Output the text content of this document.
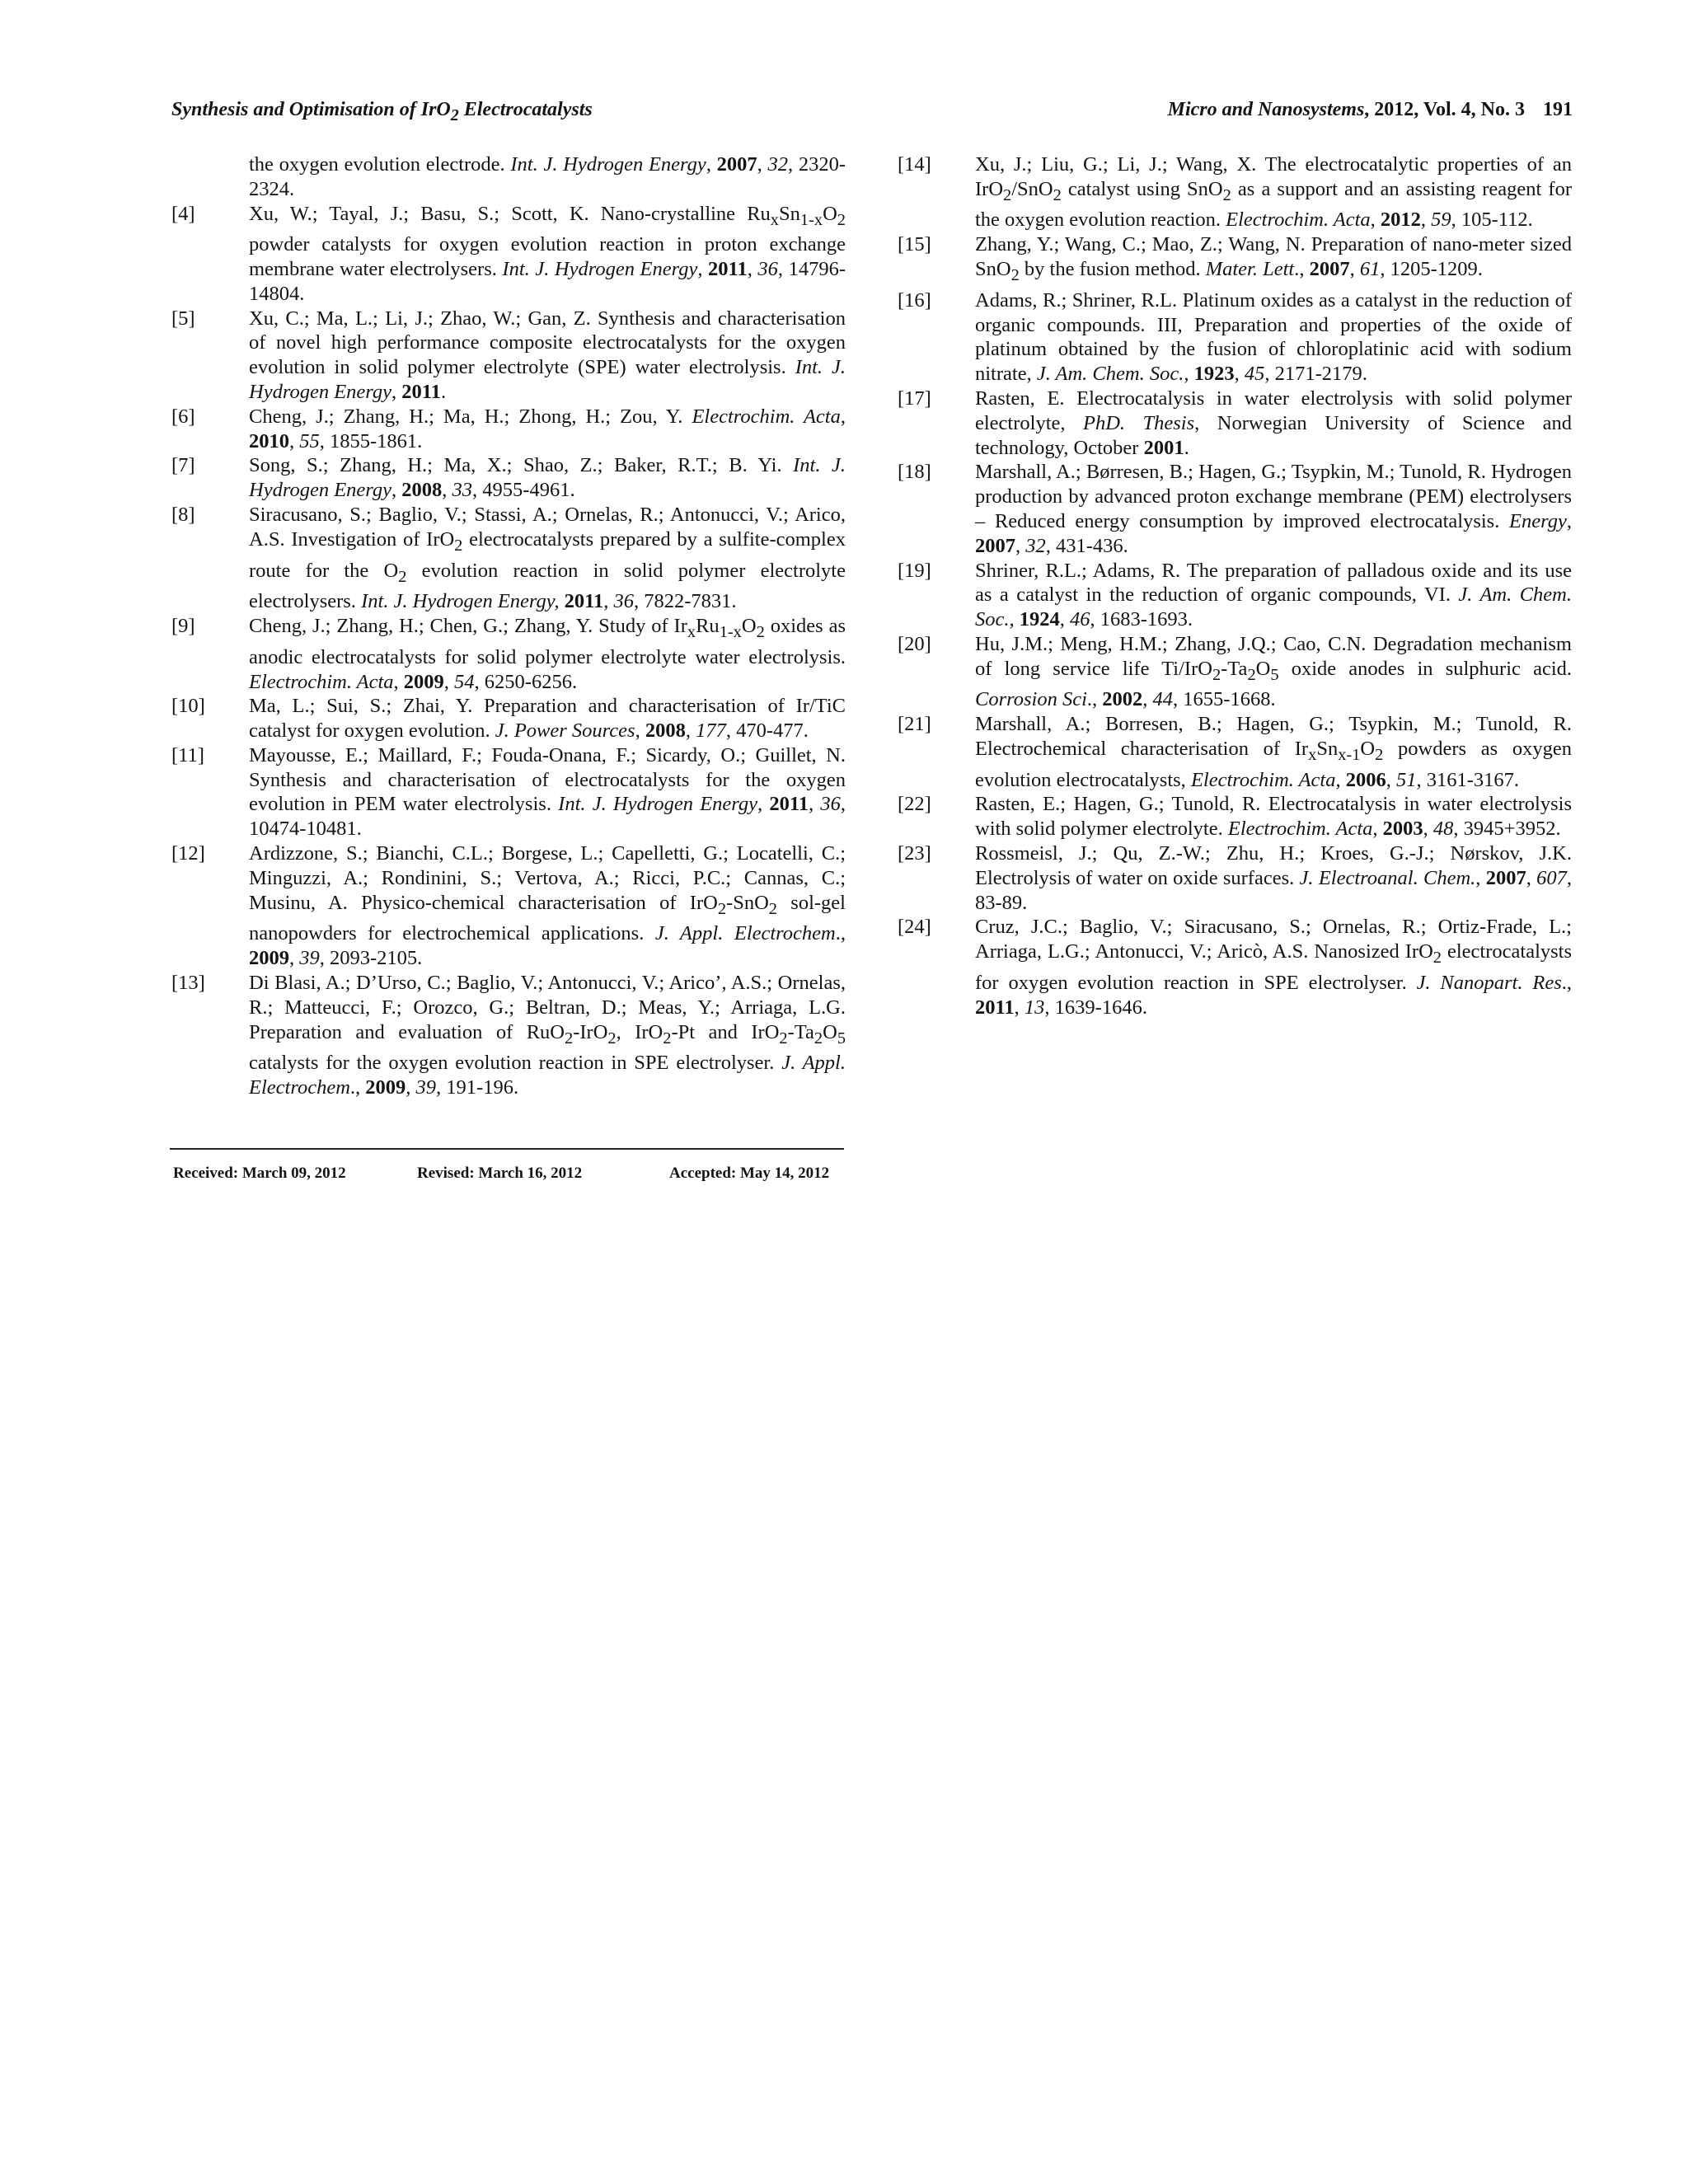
Synthesis and Optimisation of IrO$_2$ Electrocatalysts	Micro and Nanosystems, 2012, Vol. 4, No. 3 191
the oxygen evolution electrode. Int. J. Hydrogen Energy, 2007, 32, 2320-2324.
[4]	Xu, W.; Tayal, J.; Basu, S.; Scott, K. Nano-crystalline $Ru_xSn_{1-x}O_2$ powder catalysts for oxygen evolution reaction in proton exchange membrane water electrolysers. Int. J. Hydrogen Energy, 2011, 36, 14796-14804.
[5]	Xu, C.; Ma, L.; Li, J.; Zhao, W.; Gan, Z. Synthesis and characterisation of novel high performance composite electrocatalysts for the oxygen evolution in solid polymer electrolyte (SPE) water electrolysis. Int. J. Hydrogen Energy, 2011.
[6]	Cheng, J.; Zhang, H.; Ma, H.; Zhong, H.; Zou, Y. Electrochim. Acta, 2010, 55, 1855-1861.
[7]	Song, S.; Zhang, H.; Ma, X.; Shao, Z.; Baker, R.T.; B. Yi. Int. J. Hydrogen Energy, 2008, 33, 4955-4961.
[8]	Siracusano, S.; Baglio, V.; Stassi, A.; Ornelas, R.; Antonucci, V.; Arico, A.S. Investigation of IrO$_2$ electrocatalysts prepared by a sulfite-complex route for the $O_2$ evolution reaction in solid polymer electrolyte electrolysers. Int. J. Hydrogen Energy, 2011, 36, 7822-7831.
[9]	Cheng, J.; Zhang, H.; Chen, G.; Zhang, Y. Study of $Ir_xRu_{1-x}O_2$ oxides as anodic electrocatalysts for solid polymer electrolyte water electrolysis. Electrochim. Acta, 2009, 54, 6250-6256.
[10]	Ma, L.; Sui, S.; Zhai, Y. Preparation and characterisation of Ir/TiC catalyst for oxygen evolution. J. Power Sources, 2008, 177, 470-477.
[11]	Mayousse, E.; Maillard, F.; Fouda-Onana, F.; Sicardy, O.; Guillet, N. Synthesis and characterisation of electrocatalysts for the oxygen evolution in PEM water electrolysis. Int. J. Hydrogen Energy, 2011, 36, 10474-10481.
[12]	Ardizzone, S.; Bianchi, C.L.; Borgese, L.; Capelletti, G.; Locatelli, C.; Minguzzi, A.; Rondinini, S.; Vertova, A.; Ricci, P.C.; Cannas, C.; Musinu, A. Physico-chemical characterisation of IrO$_2$-SnO$_2$ sol-gel nanopowders for electrochemical applications. J. Appl. Electrochem., 2009, 39, 2093-2105.
[13]	Di Blasi, A.; D’Urso, C.; Baglio, V.; Antonucci, V.; Arico’, A.S.; Ornelas, R.; Matteucci, F.; Orozco, G.; Beltran, D.; Meas, Y.; Arriaga, L.G. Preparation and evaluation of RuO$_2$-IrO$_2$, IrO$_2$-Pt and $IrO_2-Ta_2O_5$ catalysts for the oxygen evolution reaction in SPE electrolyser. J. Appl. Electrochem., 2009, 39, 191-196.
Received: March 09, 2012	Revised: March 16, 2012	Accepted: May 14, 2012
[14]	Xu, J.; Liu, G.; Li, J.; Wang, X. The electrocatalytic properties of an IrO$_2$/SnO$_2$ catalyst using SnO$_2$ as a support and an assisting reagent for the oxygen evolution reaction. Electrochim. Acta, 2012, 59, 105-112.
[15]	Zhang, Y.; Wang, C.; Mao, Z.; Wang, N. Preparation of nano-meter sized SnO$_2$ by the fusion method. Mater. Lett., 2007, 61, 1205-1209.
[16]	Adams, R.; Shriner, R.L. Platinum oxides as a catalyst in the reduction of organic compounds. III, Preparation and properties of the oxide of platinum obtained by the fusion of chloroplatinic acid with sodium nitrate, J. Am. Chem. Soc., 1923, 45, 2171-2179.
[17]	Rasten, E. Electrocatalysis in water electrolysis with solid polymer electrolyte, PhD. Thesis, Norwegian University of Science and technology, October 2001.
[18]	Marshall, A.; Børresen, B.; Hagen, G.; Tsypkin, M.; Tunold, R. Hydrogen production by advanced proton exchange membrane (PEM) electrolysers – Reduced energy consumption by improved electrocatalysis. Energy, 2007, 32, 431-436.
[19]	Shriner, R.L.; Adams, R. The preparation of palladous oxide and its use as a catalyst in the reduction of organic compounds, VI. J. Am. Chem. Soc., 1924, 46, 1683-1693.
[20]	Hu, J.M.; Meng, H.M.; Zhang, J.Q.; Cao, C.N. Degradation mechanism of long service life $Ti/IrO_2-Ta_2O_5$ oxide anodes in sulphuric acid. Corrosion Sci., 2002, 44, 1655-1668.
[21]	Marshall, A.; Borresen, B.; Hagen, G.; Tsypkin, M.; Tunold, R. Electrochemical characterisation of $Ir_xSn_{x-1}O_2$ powders as oxygen evolution electrocatalysts, Electrochim. Acta, 2006, 51, 3161-3167.
[22]	Rasten, E.; Hagen, G.; Tunold, R. Electrocatalysis in water electrolysis with solid polymer electrolyte. Electrochim. Acta, 2003, 48, 3945+3952.
[23]	Rossmeisl, J.; Qu, Z.-W.; Zhu, H.; Kroes, G.-J.; Nørskov, J.K. Electrolysis of water on oxide surfaces. J. Electroanal. Chem., 2007, 607, 83-89.
[24]	Cruz, J.C.; Baglio, V.; Siracusano, S.; Ornelas, R.; Ortiz-Frade, L.; Arriaga, L.G.; Antonucci, V.; Aricò, A.S. Nanosized IrO$_2$ electrocatalysts for oxygen evolution reaction in SPE electrolyser. J. Nanopart. Res., 2011, 13, 1639-1646.
